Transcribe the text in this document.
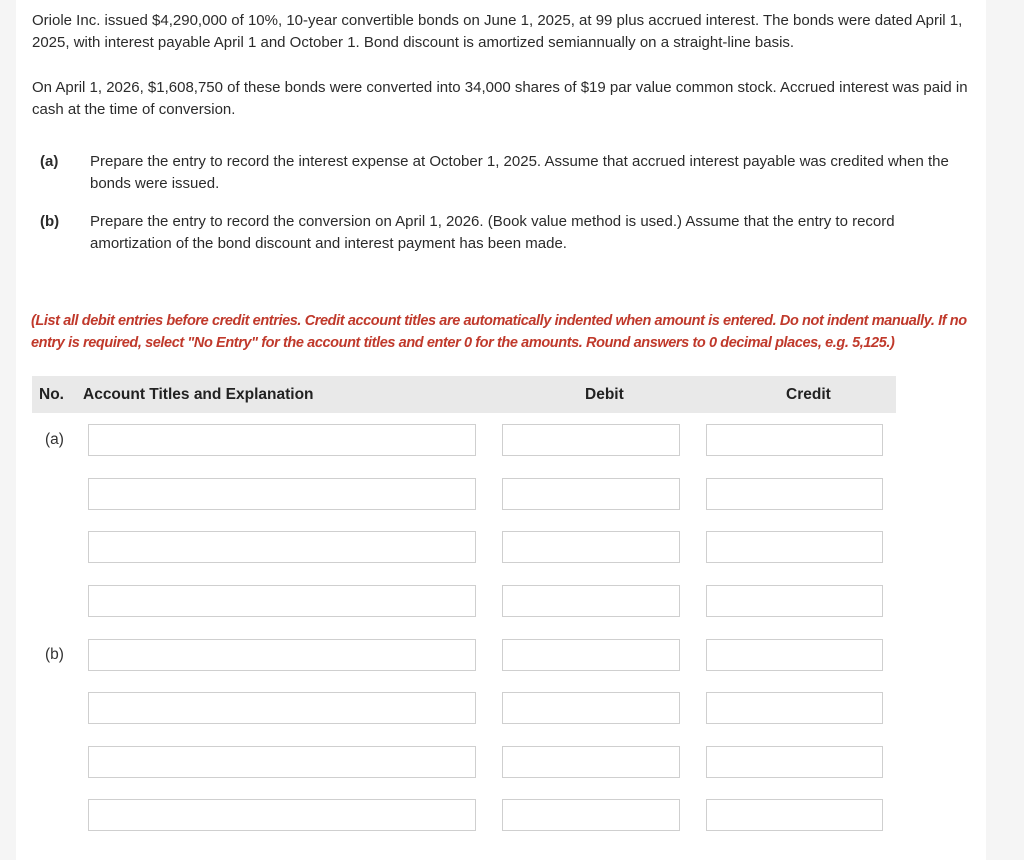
Oriole Inc. issued $4,290,000 of 10%, 10-year convertible bonds on June 1, 2025, at 99 plus accrued interest. The bonds were dated April 1, 2025, with interest payable April 1 and October 1. Bond discount is amortized semiannually on a straight-line basis.
On April 1, 2026, $1,608,750 of these bonds were converted into 34,000 shares of $19 par value common stock. Accrued interest was paid in cash at the time of conversion.
(a) Prepare the entry to record the interest expense at October 1, 2025. Assume that accrued interest payable was credited when the bonds were issued.
(b) Prepare the entry to record the conversion on April 1, 2026. (Book value method is used.) Assume that the entry to record amortization of the bond discount and interest payment has been made.
(List all debit entries before credit entries. Credit account titles are automatically indented when amount is entered. Do not indent manually. If no entry is required, select "No Entry" for the account titles and enter 0 for the amounts. Round answers to 0 decimal places, e.g. 5,125.)
No. Account Titles and Explanation	Debit	Credit
(a)
(b)
